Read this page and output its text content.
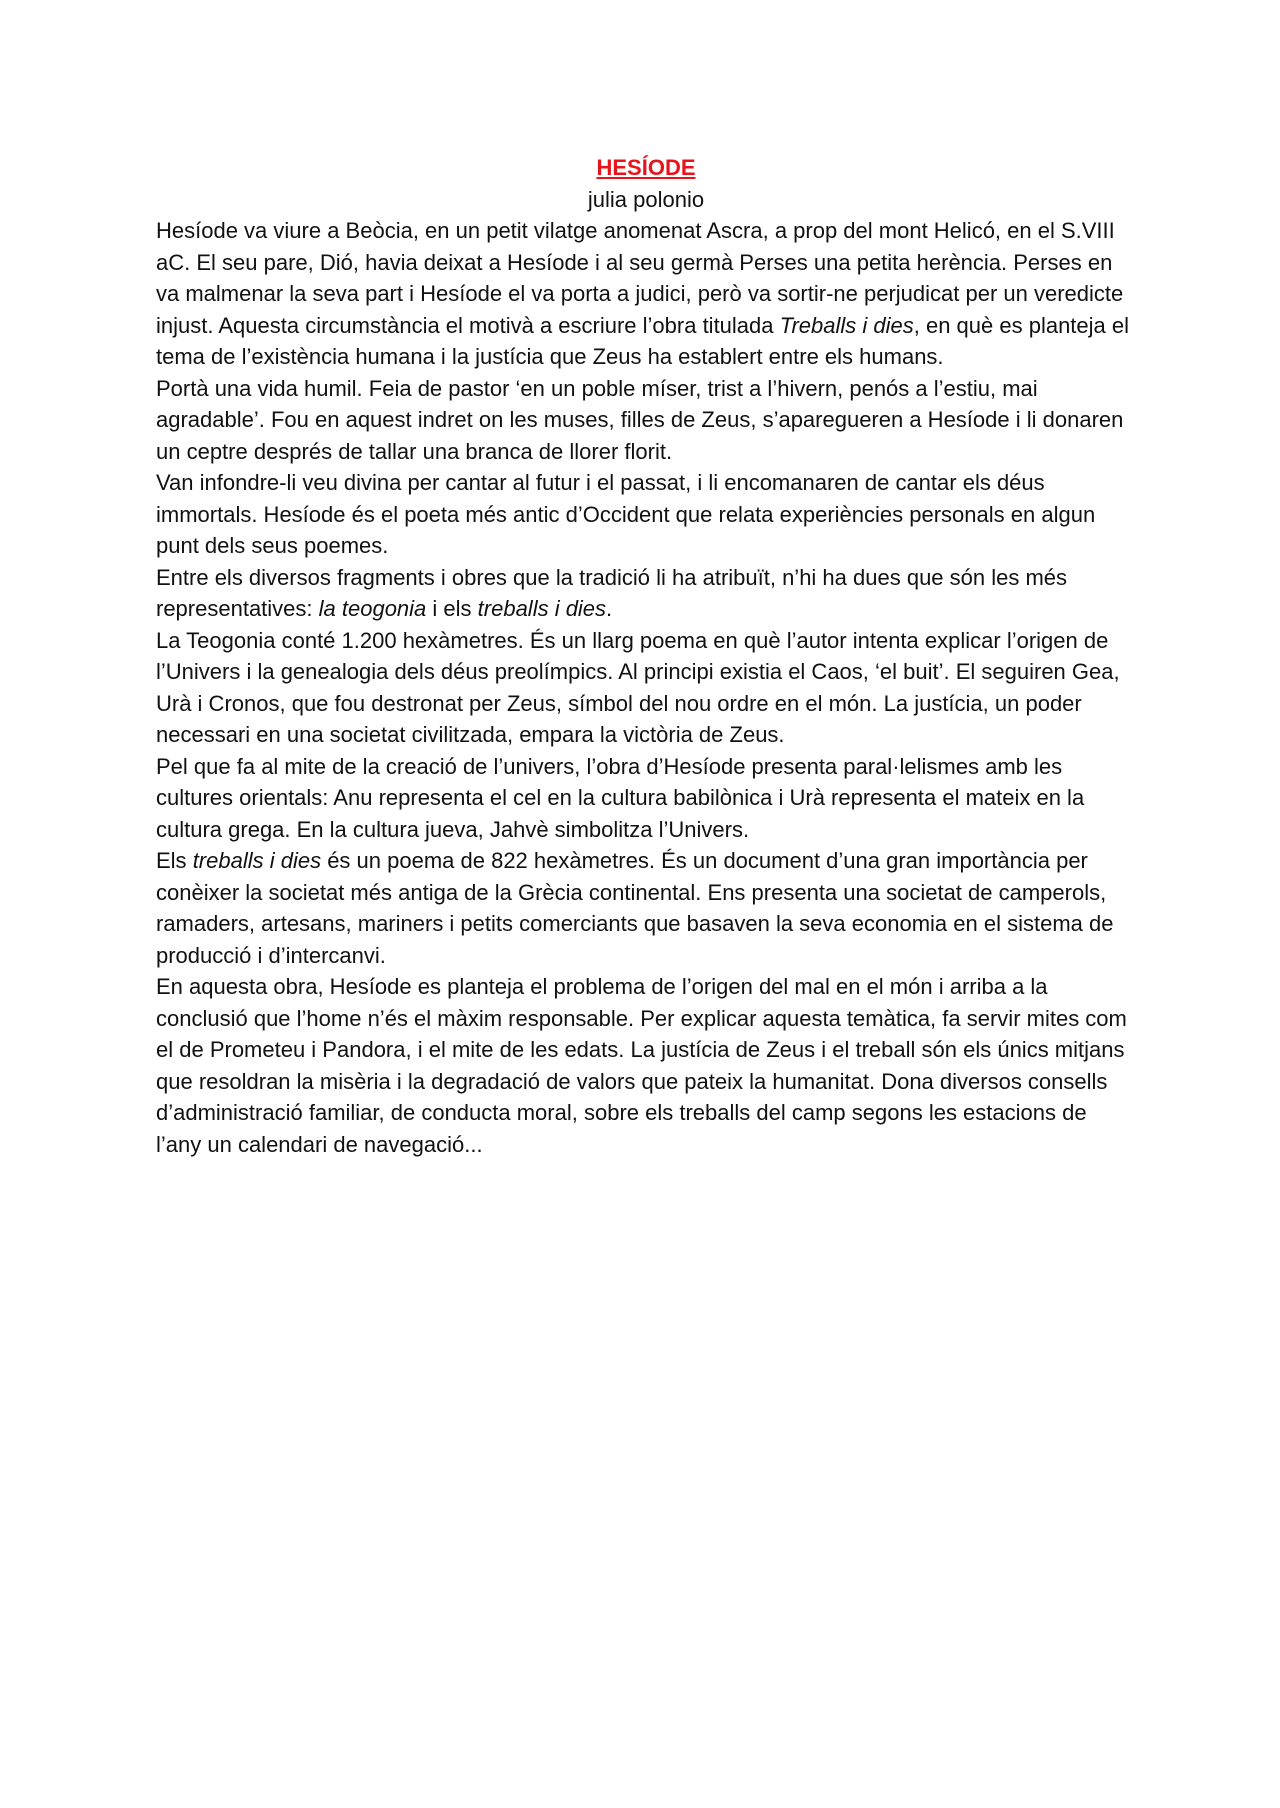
HESÍODE

julia polonio

Hesíode va viure a Beòcia, en un petit vilatge anomenat Ascra, a prop del mont Helicó, en el S.VIII aC. El seu pare, Dió, havia deixat a Hesíode i al seu germà Perses una petita herència. Perses en va malmenar la seva part i Hesíode el va porta a judici, però va sortir-ne perjudicat per un veredicte injust. Aquesta circumstància el motivà a escriure l’obra titulada Treballs i dies, en què es planteja el tema de l’existència humana i la justícia que Zeus ha establert entre els humans.

Portà una vida humil. Feia de pastor ‘en un poble míser, trist a l’hivern, penós a l’estiu, mai agradable’. Fou en aquest indret on les muses, filles de Zeus, s’aparegueren a Hesíode i li donaren un ceptre després de tallar una branca de llorer florit.

Van infondre-li veu divina per cantar al futur i el passat, i li encomanaren de cantar els déus immortals. Hesíode és el poeta més antic d’Occident que relata experiències personals en algun punt dels seus poemes.

Entre els diversos fragments i obres que la tradició li ha atribuït, n’hi ha dues que són les més representatives: la teogonia i els treballs i dies.

La Teogonia conté 1.200 hexàmetres. És un llarg poema en què l’autor intenta explicar l’origen de l’Univers i la genealogia dels déus preolímpics. Al principi existia el Caos, ‘el buit’. El seguiren Gea, Urà i Cronos, que fou destronat per Zeus, símbol del nou ordre en el món. La justícia, un poder necessari en una societat civilitzada, empara la victòria de Zeus.

Pel que fa al mite de la creació de l’univers, l’obra d’Hesíode presenta paral·lelismes amb les cultures orientals: Anu representa el cel en la cultura babilònica i Urà representa el mateix en la cultura grega. En la cultura jueva, Jahvè simbolitza l’Univers.

Els treballs i dies és un poema de 822 hexàmetres. És un document d’una gran importància per conèixer la societat més antiga de la Grècia continental. Ens presenta una societat de camperols, ramaders, artesans, mariners i petits comerciants que basaven la seva economia en el sistema de producció i d’intercanvi.

En aquesta obra, Hesíode es planteja el problema de l’origen del mal en el món i arriba a la conclusió que l’home n’és el màxim responsable. Per explicar aquesta temàtica, fa servir mites com el de Prometeu i Pandora, i el mite de les edats. La justícia de Zeus i el treball són els únics mitjans que resoldran la misèria i la degradació de valors que pateix la humanitat. Dona diversos consells d’administració familiar, de conducta moral, sobre els treballs del camp segons les estacions de l’any un calendari de navegació...
